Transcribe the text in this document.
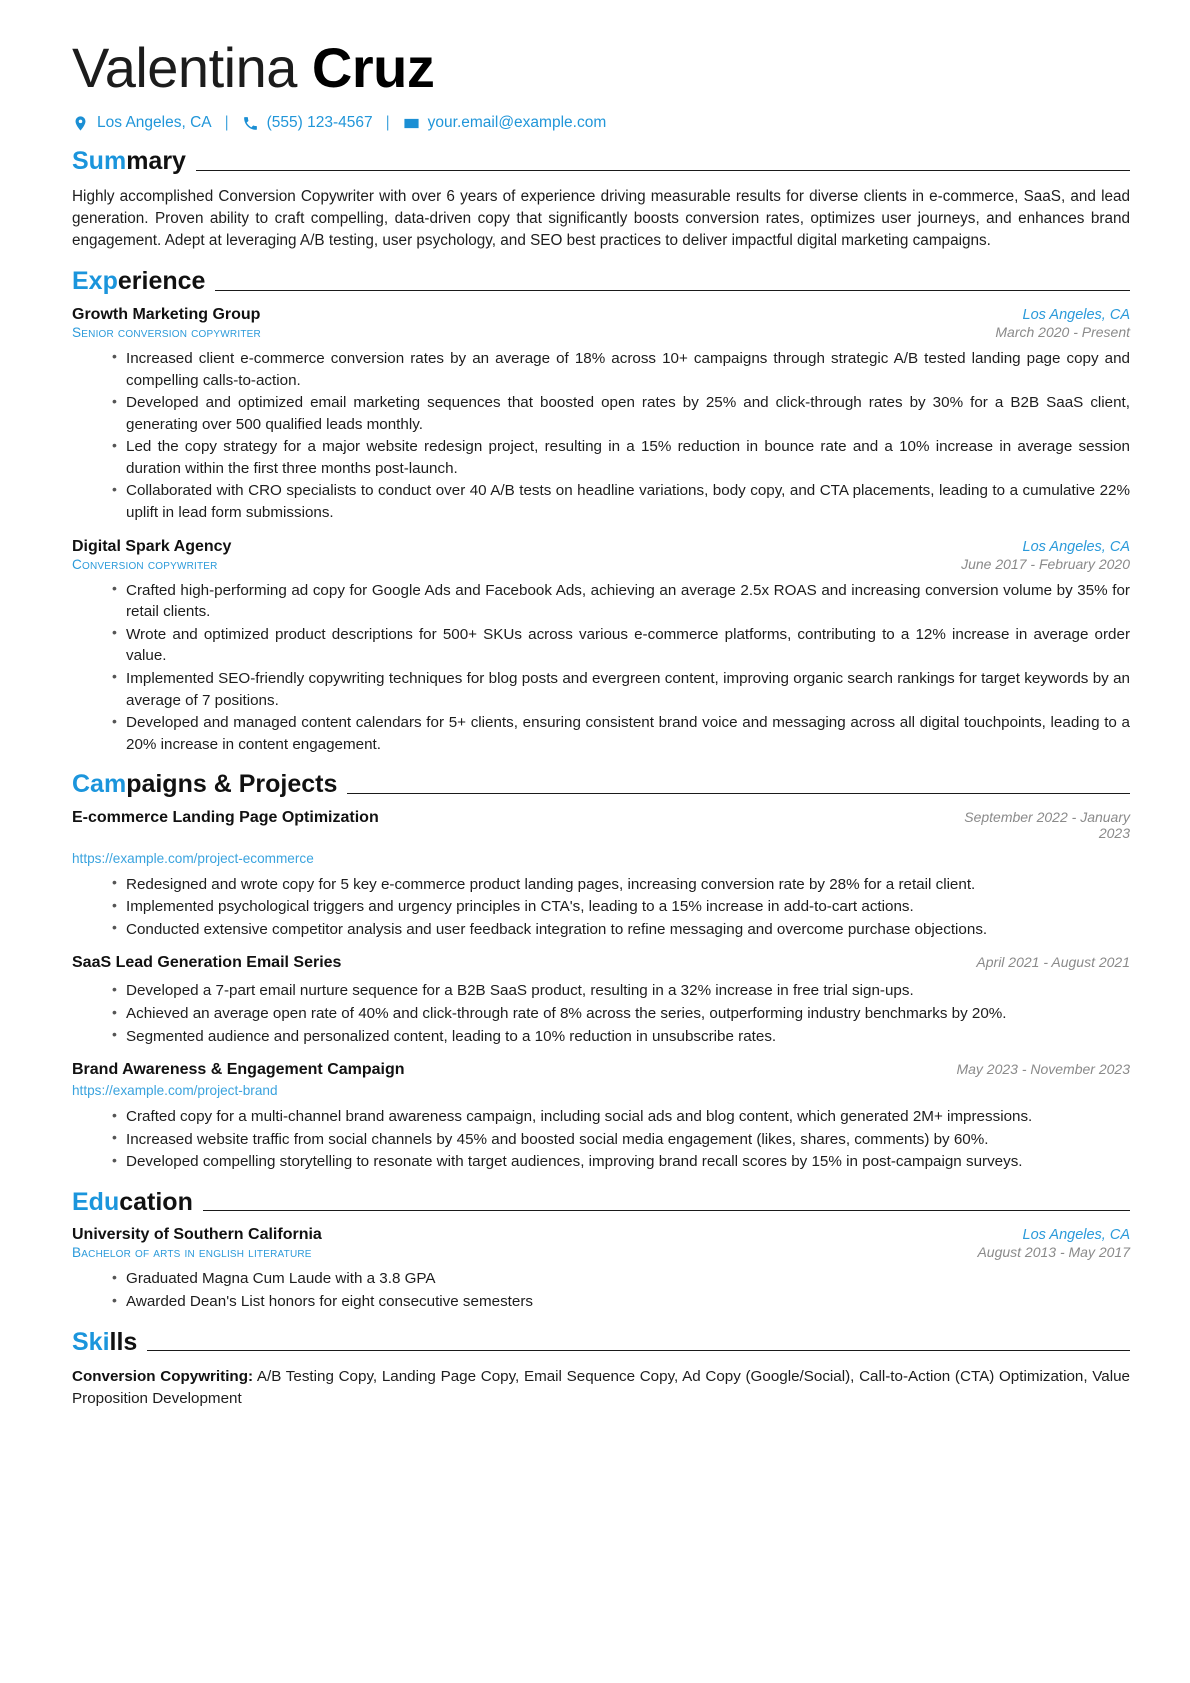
Valentina Cruz
Los Angeles, CA |	(555) 123-4567 |	your.email@example.com
Summary

Highly accomplished Conversion Copywriter with over 6 years of experience driving measurable results for diverse clients in e-commerce, SaaS, and lead generation. Proven ability to craft compelling, data-driven copy that significantly boosts conversion rates, optimizes user journeys, and enhances brand engagement. Adept at leveraging A/B testing, user psychology, and SEO best practices to deliver impactful digital marketing campaigns.

Experience
Growth Marketing Group	Los Angeles, CA
Senior conversion copywriter	March 2020 - Present
• Increased client e-commerce conversion rates by an average of 18% across 10+ campaigns through strategic A/B tested landing page copy and compelling calls-to-action.
• Developed and optimized email marketing sequences that boosted open rates by 25% and click-through rates by 30% for a B2B SaaS client, generating over 500 qualified leads monthly.
• Led the copy strategy for a major website redesign project, resulting in a 15% reduction in bounce rate and a 10% increase in average session duration within the first three months post-launch.
• Collaborated with CRO specialists to conduct over 40 A/B tests on headline variations, body copy, and CTA placements, leading to a cumulative 22% uplift in lead form submissions.
Digital Spark Agency	Los Angeles, CA
Conversion copywriter	June 2017 - February 2020
• Crafted high-performing ad copy for Google Ads and Facebook Ads, achieving an average 2.5x ROAS and increasing conversion volume by 35% for retail clients.
• Wrote and optimized product descriptions for 500+ SKUs across various e-commerce platforms, contributing to a 12% increase in average order value.
• Implemented SEO-friendly copywriting techniques for blog posts and evergreen content, improving organic search rankings for target keywords by an average of 7 positions.
• Developed and managed content calendars for 5+ clients, ensuring consistent brand voice and messaging across all digital touchpoints, leading to a 20% increase in content engagement.
Campaigns & Projects
E-commerce Landing Page Optimization	September 2022 - January 2023
https://example.com/project-ecommerce
• Redesigned and wrote copy for 5 key e-commerce product landing pages, increasing conversion rate by 28% for a retail client.
• Implemented psychological triggers and urgency principles in CTA's, leading to a 15% increase in add-to-cart actions.
• Conducted extensive competitor analysis and user feedback integration to refine messaging and overcome purchase objections.
SaaS Lead Generation Email Series	April 2021 - August 2021
• Developed a 7-part email nurture sequence for a B2B SaaS product, resulting in a 32% increase in free trial sign-ups.
• Achieved an average open rate of 40% and click-through rate of 8% across the series, outperforming industry benchmarks by 20%.
• Segmented audience and personalized content, leading to a 10% reduction in unsubscribe rates.
Brand Awareness & Engagement Campaign	May 2023 - November 2023
https://example.com/project-brand
• Crafted copy for a multi-channel brand awareness campaign, including social ads and blog content, which generated 2M+ impressions.
• Increased website traffic from social channels by 45% and boosted social media engagement (likes, shares, comments) by 60%.
• Developed compelling storytelling to resonate with target audiences, improving brand recall scores by 15% in post-campaign surveys.
Education
University of Southern California	Los Angeles, CA
Bachelor of arts in english literature	August 2013 - May 2017
• Graduated Magna Cum Laude with a 3.8 GPA
• Awarded Dean's List honors for eight consecutive semesters
Skills

Conversion Copywriting: A/B Testing Copy, Landing Page Copy, Email Sequence Copy, Ad Copy (Google/Social), Call-to-Action (CTA) Optimization, Value Proposition Development
